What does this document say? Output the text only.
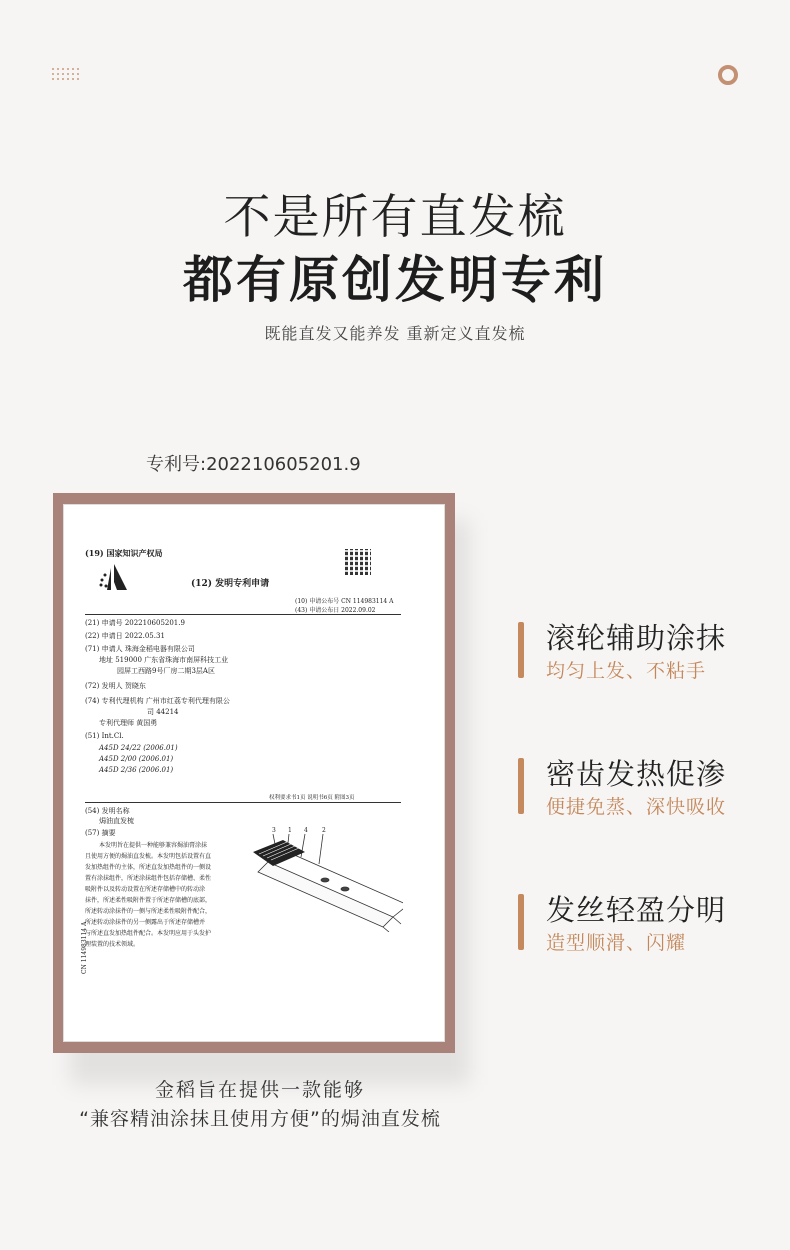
不是所有直发梳
都有原创发明专利
既能直发又能养发 重新定义直发梳
专利号:202210605201.9
(19) 国家知识产权局
(12) 发明专利申请
(10) 申请公布号 CN 114983114 A
(43) 申请公布日 2022.09.02
(21) 申请号 202210605201.9
(22) 申请日 2022.05.31
(71) 申请人 珠海金稻电器有限公司
地址 519000 广东省珠海市南屏科技工业
园屏工西路9号厂房二期3层A区
(72) 发明人 贺晓东
(74) 专利代理机构 广州市红荔专利代理有限公
司 44214
专利代理师 黄国勇
(51) Int.Cl.
A45D 24/22 (2006.01)
A45D 2/00 (2006.01)
A45D 2/36 (2006.01)
权利要求书1页 说明书6页 附图3页
(54) 发明名称
焗油直发梳
(57) 摘要
本发明旨在提供一种能够兼容焗油膏涂抹
且使用方便的焗油直发梳。本发明包括设置有直
发加热组件的主体，所述直发加热组件的一侧设
置有涂抹组件，所述涂抹组件包括存储槽、柔性
吸附件以及转动设置在所述存储槽中的转动涂
抹件，所述柔性吸附件置于所述存储槽的底部，
所述转动涂抹件的一侧与所述柔性吸附件配合，
所述转动涂抹件的另一侧露出于所述存储槽并
与所述直发加热组件配合。本发明应用于头发护
理装置的技术领域。
3 1 4 2
CN 114983114 A
滚轮辅助涂抹
均匀上发、不粘手
密齿发热促渗
便捷免蒸、深快吸收
发丝轻盈分明
造型顺滑、闪耀
金稻旨在提供一款能够
“兼容精油涂抹且使用方便”的焗油直发梳
